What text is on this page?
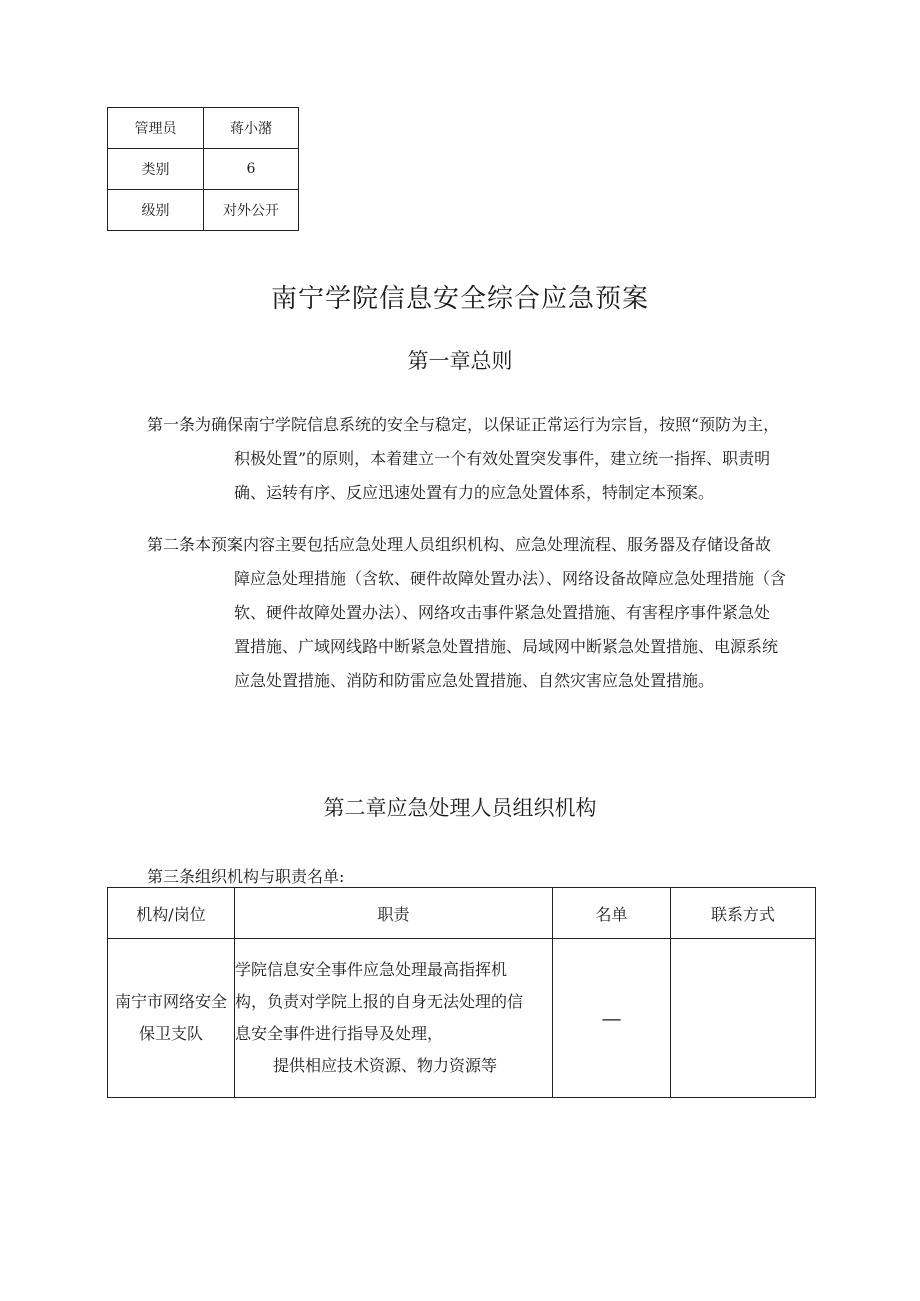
管理员	蒋小潴
类别	6
级别	对外公开
南宁学院信息安全综合应急预案
第一章总则

第一条为确保南宁学院信息系统的安全与稳定，以保证正常运行为宗旨，按照“预防为主，
积极处置”的原则，本着建立一个有效处置突发事件，建立统一指挥、职责明
确、运转有序、反应迅速处置有力的应急处置体系，特制定本预案。

第二条本预案内容主要包括应急处理人员组织机构、应急处理流程、服务器及存储设备故
障应急处理措施（含软、硬件故障处置办法）、网络设备故障应急处理措施（含
软、硬件故障处置办法）、网络攻击事件紧急处置措施、有害程序事件紧急处
置措施、广域网线路中断紧急处置措施、局域网中断紧急处置措施、电源系统
应急处置措施、消防和防雷应急处置措施、自然灾害应急处置措施。

第二章应急处理人员组织机构

第三条组织机构与职责名单:

机构/岗位	职责	名单	联系方式
南宁市网络安全
保卫支队	学院信息安全事件应急处理最高指挥机
构，负责对学院上报的自身无法处理的信
息安全事件进行指导及处理，
提供相应技术资源、物力资源等	—	
